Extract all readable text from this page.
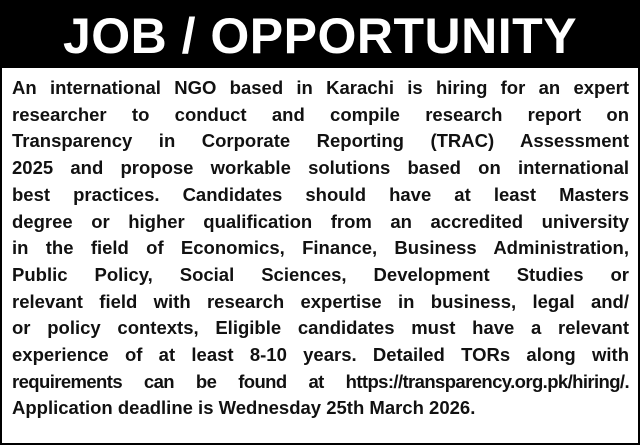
JOB / OPPORTUNITY
An international NGO based in Karachi is hiring for an expert
researcher to conduct and compile research report on
Transparency in Corporate Reporting (TRAC) Assessment
2025 and propose workable solutions based on international
best practices. Candidates should have at least Masters
degree or higher qualification from an accredited university
in the field of Economics, Finance, Business Administration,
Public Policy, Social Sciences, Development Studies or
relevant field with research expertise in business, legal and/
or policy contexts, Eligible candidates must have a relevant
experience of at least 8-10 years. Detailed TORs along with
requirements can be found at https://transparency.org.pk/hiring/.
Application deadline is Wednesday 25th March 2026.
